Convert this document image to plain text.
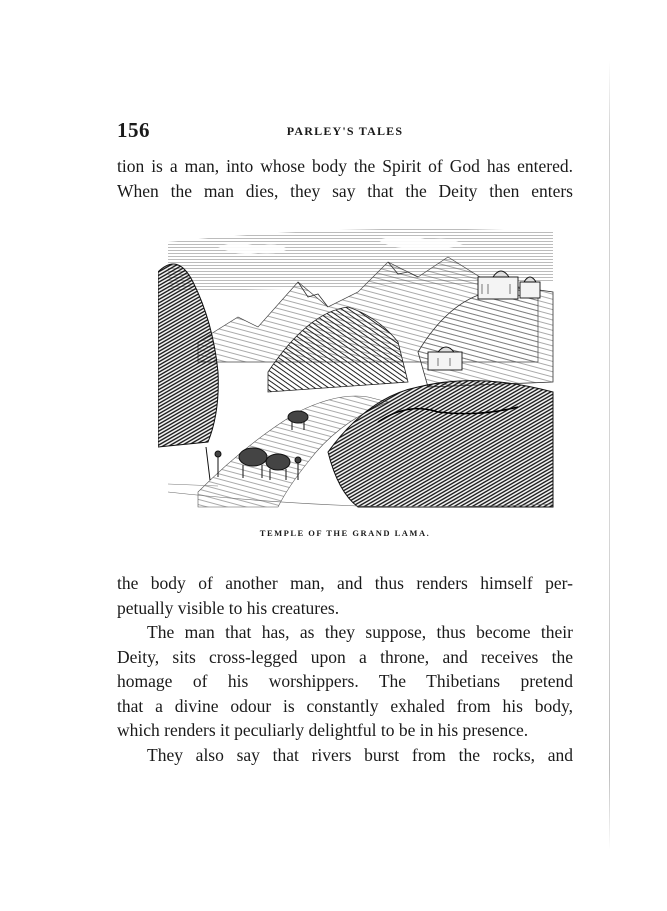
156	PARLEY'S TALES

tion is a man, into whose body the Spirit of God has entered.
When the man dies, they say that the Deity then enters

TEMPLE OF THE GRAND LAMA.

the body of another man, and thus renders himself per-
petually visible to his creatures.

The man that has, as they suppose, thus become their
Deity, sits cross-legged upon a throne, and receives the
homage of his worshippers. The Thibetians pretend
that a divine odour is constantly exhaled from his body,
which renders it peculiarly delightful to be in his presence.

They also say that rivers burst from the rocks, and
